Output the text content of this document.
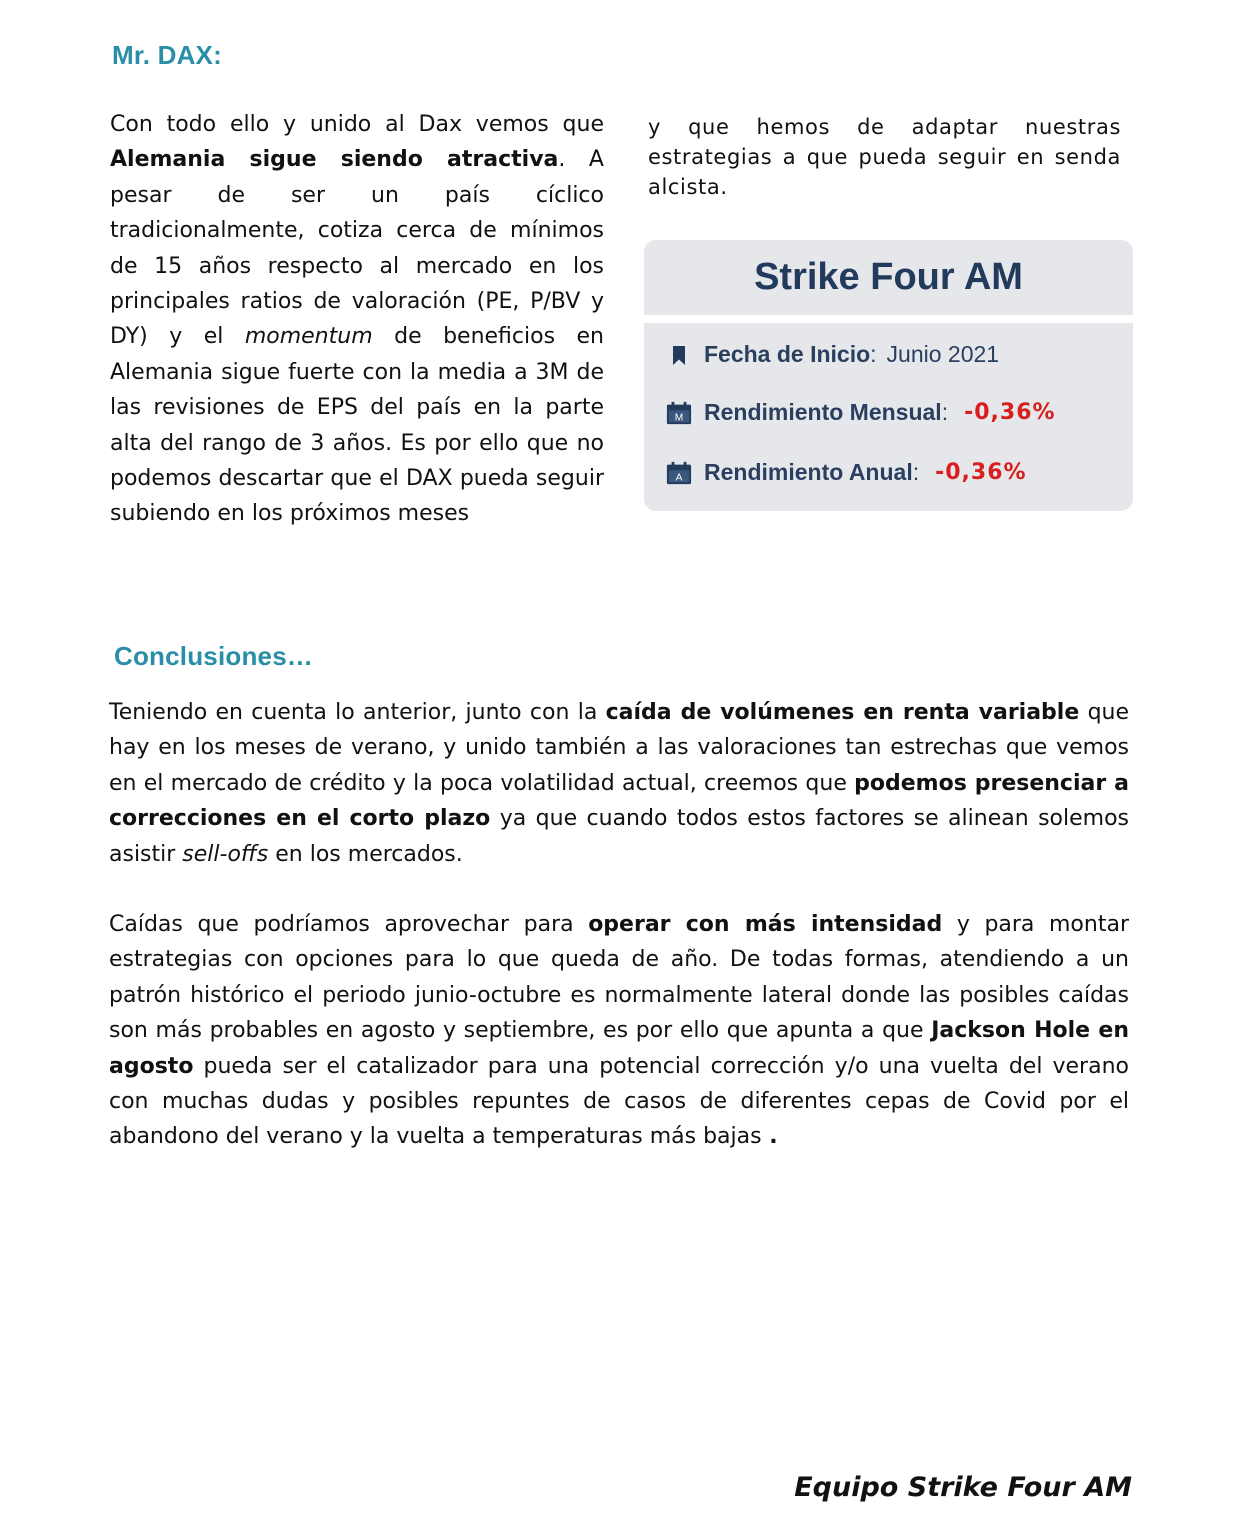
Mr. DAX:

Con todo ello y unido al Dax vemos que Alemania sigue siendo atractiva. A pesar de ser un país cíclico tradicionalmente, cotiza cerca de mínimos de 15 años respecto al mercado en los principales ratios de valoración (PE, P/BV y DY) y el momentum de beneficios en Alemania sigue fuerte con la media a 3M de las revisiones de EPS del país en la parte alta del rango de 3 años. Es por ello que no podemos descartar que el DAX pueda seguir subiendo en los próximos meses

y que hemos de adaptar nuestras estrategias a que pueda seguir en senda alcista.

Strike Four AM
Fecha de Inicio : Junio 2021
M Rendimiento Mensual : -0,36%
A Rendimiento Anual : -0,36%
Conclusiones…

Teniendo en cuenta lo anterior, junto con la caída de volúmenes en renta variable que hay en los meses de verano, y unido también a las valoraciones tan estrechas que vemos en el mercado de crédito y la poca volatilidad actual, creemos que podemos presenciar a correcciones en el corto plazo ya que cuando todos estos factores se alinean solemos asistir sell-offs en los mercados.

Caídas que podríamos aprovechar para operar con más intensidad y para montar estrategias con opciones para lo que queda de año. De todas formas, atendiendo a un patrón histórico el periodo junio-octubre es normalmente lateral donde las posibles caídas son más probables en agosto y septiembre, es por ello que apunta a que Jackson Hole en agosto pueda ser el catalizador para una potencial corrección y/o una vuelta del verano con muchas dudas y posibles repuntes de casos de diferentes cepas de Covid por el abandono del verano y la vuelta a temperaturas más bajas .

Equipo Strike Four AM
